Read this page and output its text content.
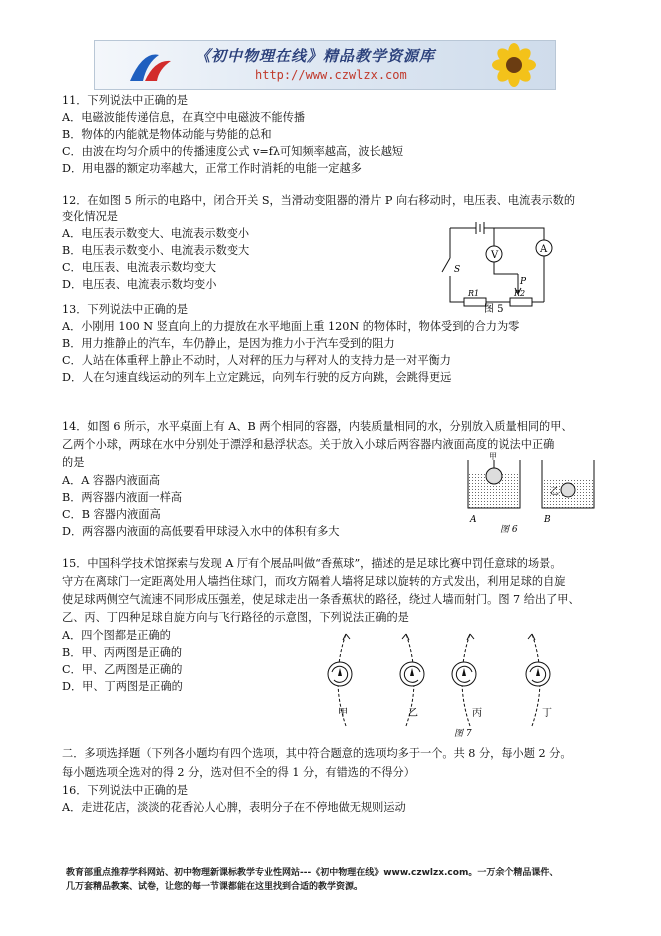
《初中物理在线》精品教学资源库
http://www.czwlzx.com
11．下列说法中正确的是
A．电磁波能传递信息，在真空中电磁波不能传播
B．物体的内能就是物体动能与势能的总和
C．由波在均匀介质中的传播速度公式 v=fλ可知频率越高，波长越短
D．用电器的额定功率越大，正常工作时消耗的电能一定越多
12．在如图 5 所示的电路中，闭合开关 S，当滑动变阻器的滑片 P 向右移动时，电压表、电流表示数的
变化情况是
A．电压表示数变大、电流表示数变小
B．电压表示数变小、电流表示数变大
C．电压表、电流表示数均变大
D．电压表、电流表示数均变小
13．下列说法中正确的是
A．小刚用 100 N 竖直向上的力提放在水平地面上重 120N 的物体时，物体受到的合力为零
B．用力推静止的汽车，车仍静止，是因为推力小于汽车受到的阻力
C．人站在体重秤上静止不动时，人对秤的压力与秤对人的支持力是一对平衡力
D．人在匀速直线运动的列车上立定跳远，向列车行驶的反方向跳，会跳得更远
14．如图 6 所示，水平桌面上有 A、B 两个相同的容器，内装质量相同的水，分别放入质量相同的甲、
乙两个小球，两球在水中分别处于漂浮和悬浮状态。关于放入小球后两容器内液面高度的说法中正确
的是
A．A 容器内液面高
B．两容器内液面一样高
C．B 容器内液面高
D．两容器内液面的高低要看甲球浸入水中的体积有多大
15．中国科学技术馆探索与发现 A 厅有个展品叫做“香蕉球”，描述的是足球比赛中罚任意球的场景。
守方在离球门一定距离处用人墙挡住球门，而攻方隔着人墙将足球以旋转的方式发出，利用足球的自旋
使足球两侧空气流速不同形成压强差，使足球走出一条香蕉状的路径，绕过人墙而射门。图 7 给出了甲、
乙、丙、丁四种足球自旋方向与飞行路径的示意图，下列说法正确的是
A．四个图都是正确的
B．甲、丙两图是正确的
C．甲、乙两图是正确的
D．甲、丁两图是正确的
二．多项选择题（下列各小题均有四个选项，其中符合题意的选项均多于一个。共 8 分，每小题 2 分。
每小题选项全选对的得 2 分，选对但不全的得 1 分，有错选的不得分）
16．下列说法中正确的是
A．走进花店，淡淡的花香沁人心脾，表明分子在不停地做无规则运动
V
A
S
P
R1	R2
图 5
甲
乙
A	B
图 6
甲	乙	丙	丁
图 7
教育部重点推荐学科网站、初中物理新课标教学专业性网站---《初中物理在线》www.czwlzx.com。一万余个精品课件、
几万套精品教案、试卷，让您的每一节课都能在这里找到合适的教学资源。
